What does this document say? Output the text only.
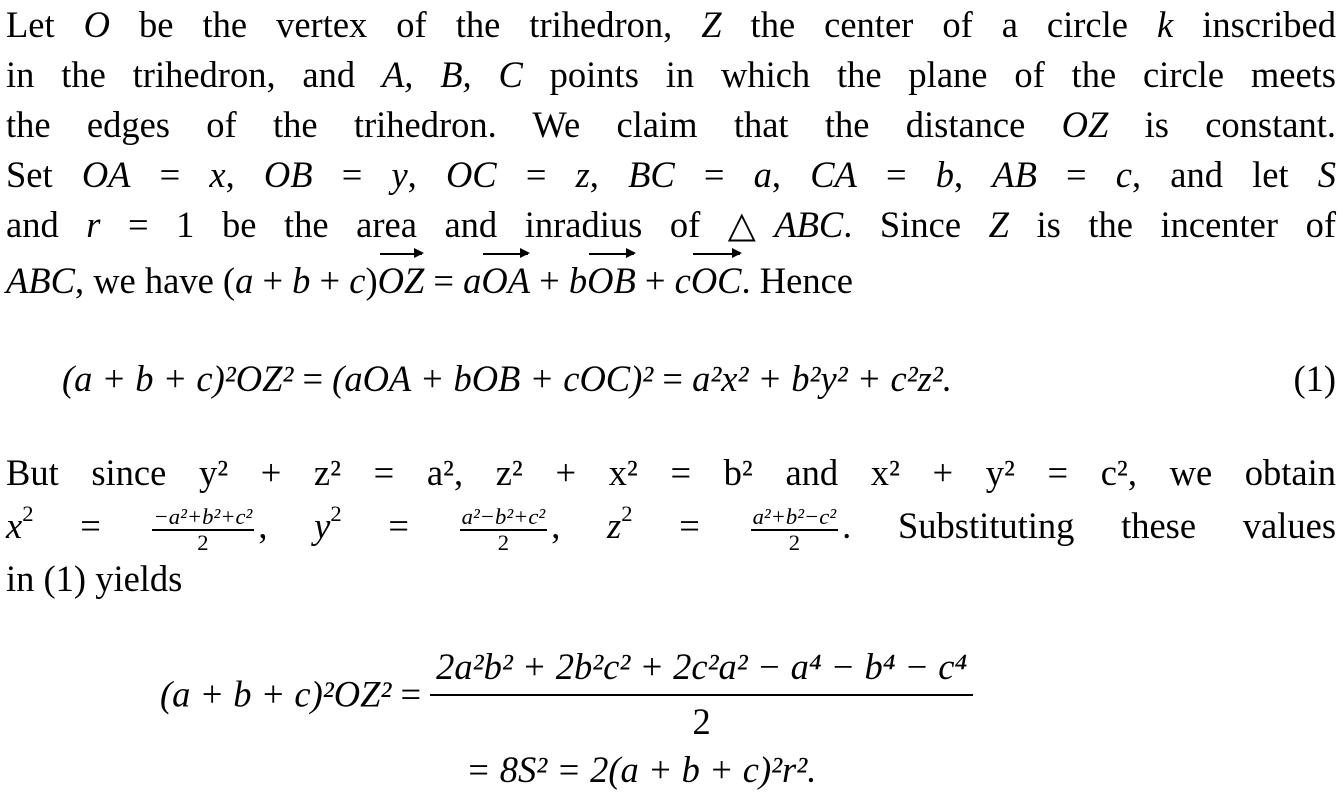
Let O be the vertex of the trihedron, Z the center of a circle k inscribed
in the trihedron, and A, B, C points in which the plane of the circle meets
the edges of the trihedron. We claim that the distance OZ is constant.
Set OA = x, OB = y, OC = z, BC = a, CA = b, AB = c, and let S
and r = 1 be the area and inradius of △ABC. Since Z is the incenter of
ABC, we have (a + b + c)OZ = aOA + bOB + cOC. Hence
(a + b + c)²OZ² = (aOA + bOB + cOC)² = a²x² + b²y² + c²z².	(1)
But since y² + z² = a², z² + x² = b² and x² + y² = c², we obtain
$x^2 = \frac{\text{−a²+b²+c²}}{2}$ , $y^2 = \frac{\text{a²−b²+c²}}{2}$ , $z^2 = \frac{\text{a²+b²−c²}}{2}$ . Substituting these values
in (1) yields
$(a + b + c)^2OZ^2 = \frac{\text{2a²b² + 2b²c² + 2c²a² − a⁴ − b⁴ − c⁴}}{2}$
= 8S² = 2(a + b + c)²r².
